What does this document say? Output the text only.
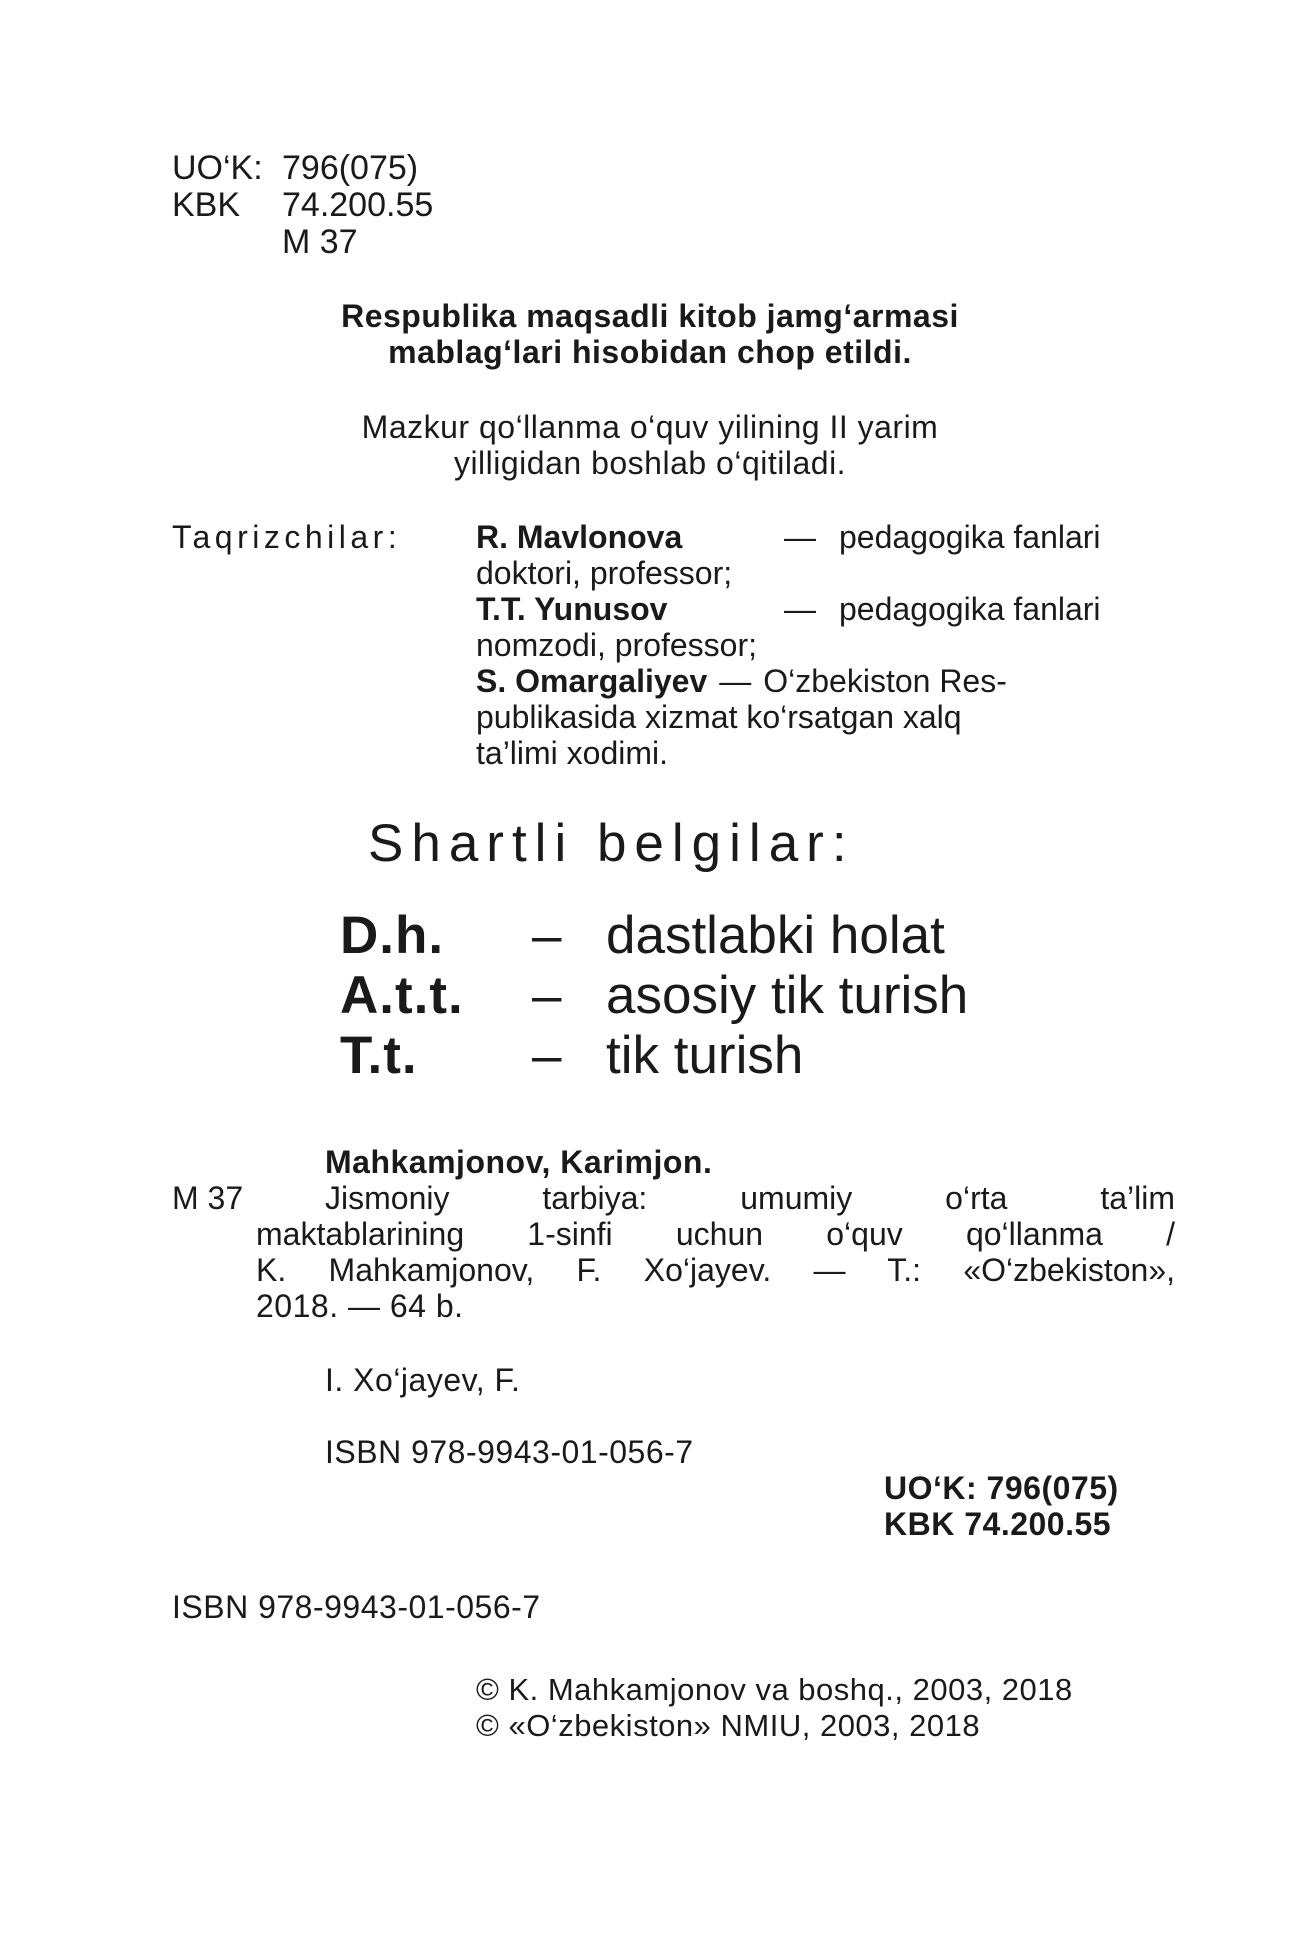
UO‘K: 796(075)
KBK 74.200.55
M 37
Respublika maqsadli kitob jamg‘armasi
mablag‘lari hisobidan chop etildi.
Mazkur qo‘llanma o‘quv yilining II yarim
yilligidan boshlab o‘qitiladi.
Taqrizchilar: R. Mavlonova	— pedagogika fanlari
doktori, professor;
T.T. Yunusov	— pedagogika fanlari
nomzodi, professor;
S. Omargaliyev — O‘zbekiston Res-
publikasida xizmat ko‘rsatgan xalq
ta’limi xodimi.
Shartli belgilar:
D.h. – dastlabki holat
A.t.t. – asosiy tik turish
T.t. – tik turish
Mahkamjonov, Karimjon.
M 37	Jismoniy tarbiya: umumiy o‘rta ta’lim
maktablarining 1-sinfi uchun o‘quv qo‘llanma /
K. Mahkamjonov, F. Xo‘jayev. — T.: «O‘zbekiston»,
2018. — 64 b.
I. Xo‘jayev, F.
ISBN 978-9943-01-056-7
UO‘K: 796(075)
KBK 74.200.55
ISBN 978-9943-01-056-7
© K. Mahkamjonov va boshq., 2003, 2018
© «O‘zbekiston» NMIU, 2003, 2018
